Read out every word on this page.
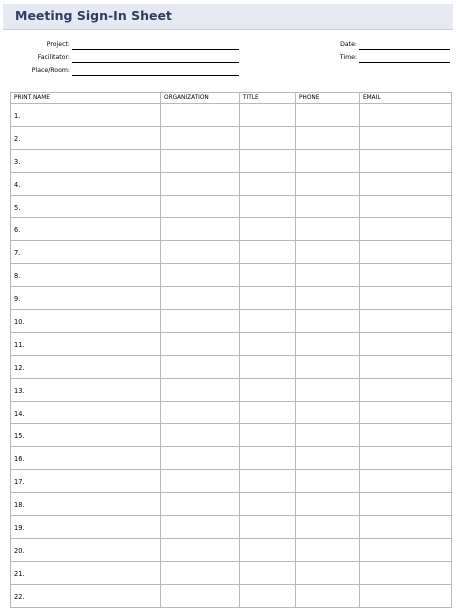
Meeting Sign-In Sheet
Project:
Facilitator:
Place/Room:
Date:
Time:
PRINT NAME	ORGANIZATION	TITLE	PHONE	EMAIL
1.				
2.				
3.				
4.				
5.				
6.				
7.				
8.				
9.				
10.				
11.				
12.				
13.				
14.				
15.				
16.				
17.				
18.				
19.				
20.				
21.				
22.				
